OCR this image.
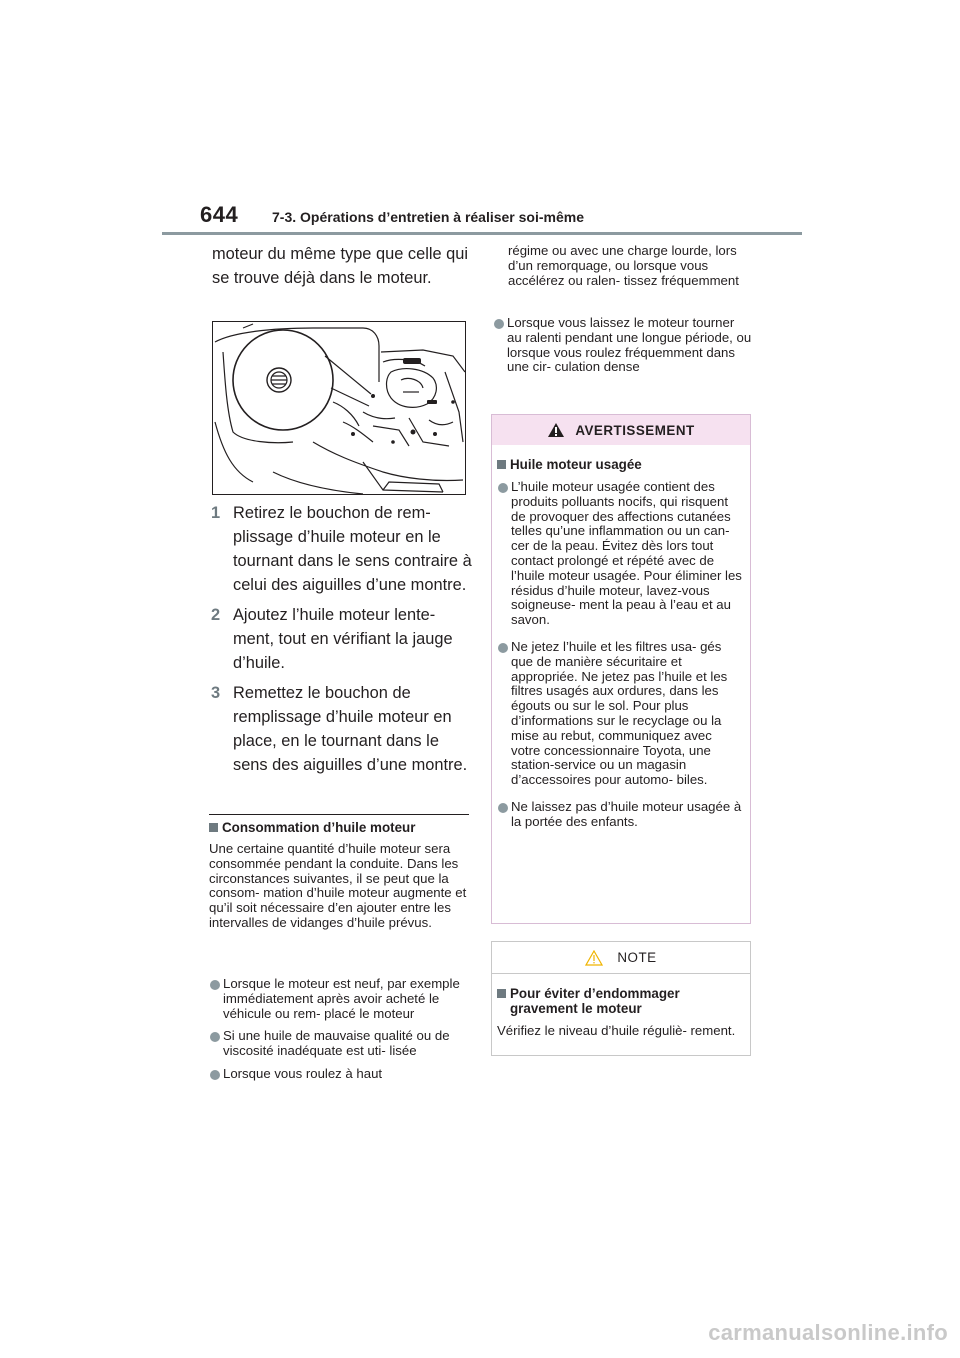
644 7-3. Opérations d’entretien à réaliser soi-même
moteur du même type que celle qui se trouve déjà dans le moteur.
1 Retirez le bouchon de rem- plissage d’huile moteur en le tournant dans le sens contraire à celui des aiguilles d’une montre.
2 Ajoutez l’huile moteur lente- ment, tout en vérifiant la jauge d’huile.
3 Remettez le bouchon de remplissage d’huile moteur en place, en le tournant dans le sens des aiguilles d’une montre.
Consommation d’huile moteur
Une certaine quantité d’huile moteur sera consommée pendant la conduite. Dans les circonstances suivantes, il se peut que la consom- mation d’huile moteur augmente et qu’il soit nécessaire d’en ajouter entre les intervalles de vidanges d’huile prévus.
Lorsque le moteur est neuf, par exemple immédiatement après avoir acheté le véhicule ou rem- placé le moteur
Si une huile de mauvaise qualité ou de viscosité inadéquate est uti- lisée
Lorsque vous roulez à haut
régime ou avec une charge lourde, lors d’un remorquage, ou lorsque vous accélérez ou ralen- tissez fréquemment
Lorsque vous laissez le moteur tourner au ralenti pendant une longue période, ou lorsque vous roulez fréquemment dans une cir- culation dense
AVERTISSEMENT
Huile moteur usagée
L’huile moteur usagée contient des produits polluants nocifs, qui risquent de provoquer des affections cutanées telles qu’une inflammation ou un can- cer de la peau. Évitez dès lors tout contact prolongé et répété avec de l’huile moteur usagée. Pour éliminer les résidus d’huile moteur, lavez-vous soigneuse- ment la peau à l’eau et au savon.
Ne jetez l’huile et les filtres usa- gés que de manière sécuritaire et appropriée. Ne jetez pas l’huile et les filtres usagés aux ordures, dans les égouts ou sur le sol. Pour plus d’informations sur le recyclage ou la mise au rebut, communiquez avec votre concessionnaire Toyota, une station-service ou un magasin d’accessoires pour automo- biles.
Ne laissez pas d’huile moteur usagée à la portée des enfants.
NOTE
Pour éviter d’endommager gravement le moteur
Vérifiez le niveau d’huile réguliè- rement.
carmanualsonline.info
